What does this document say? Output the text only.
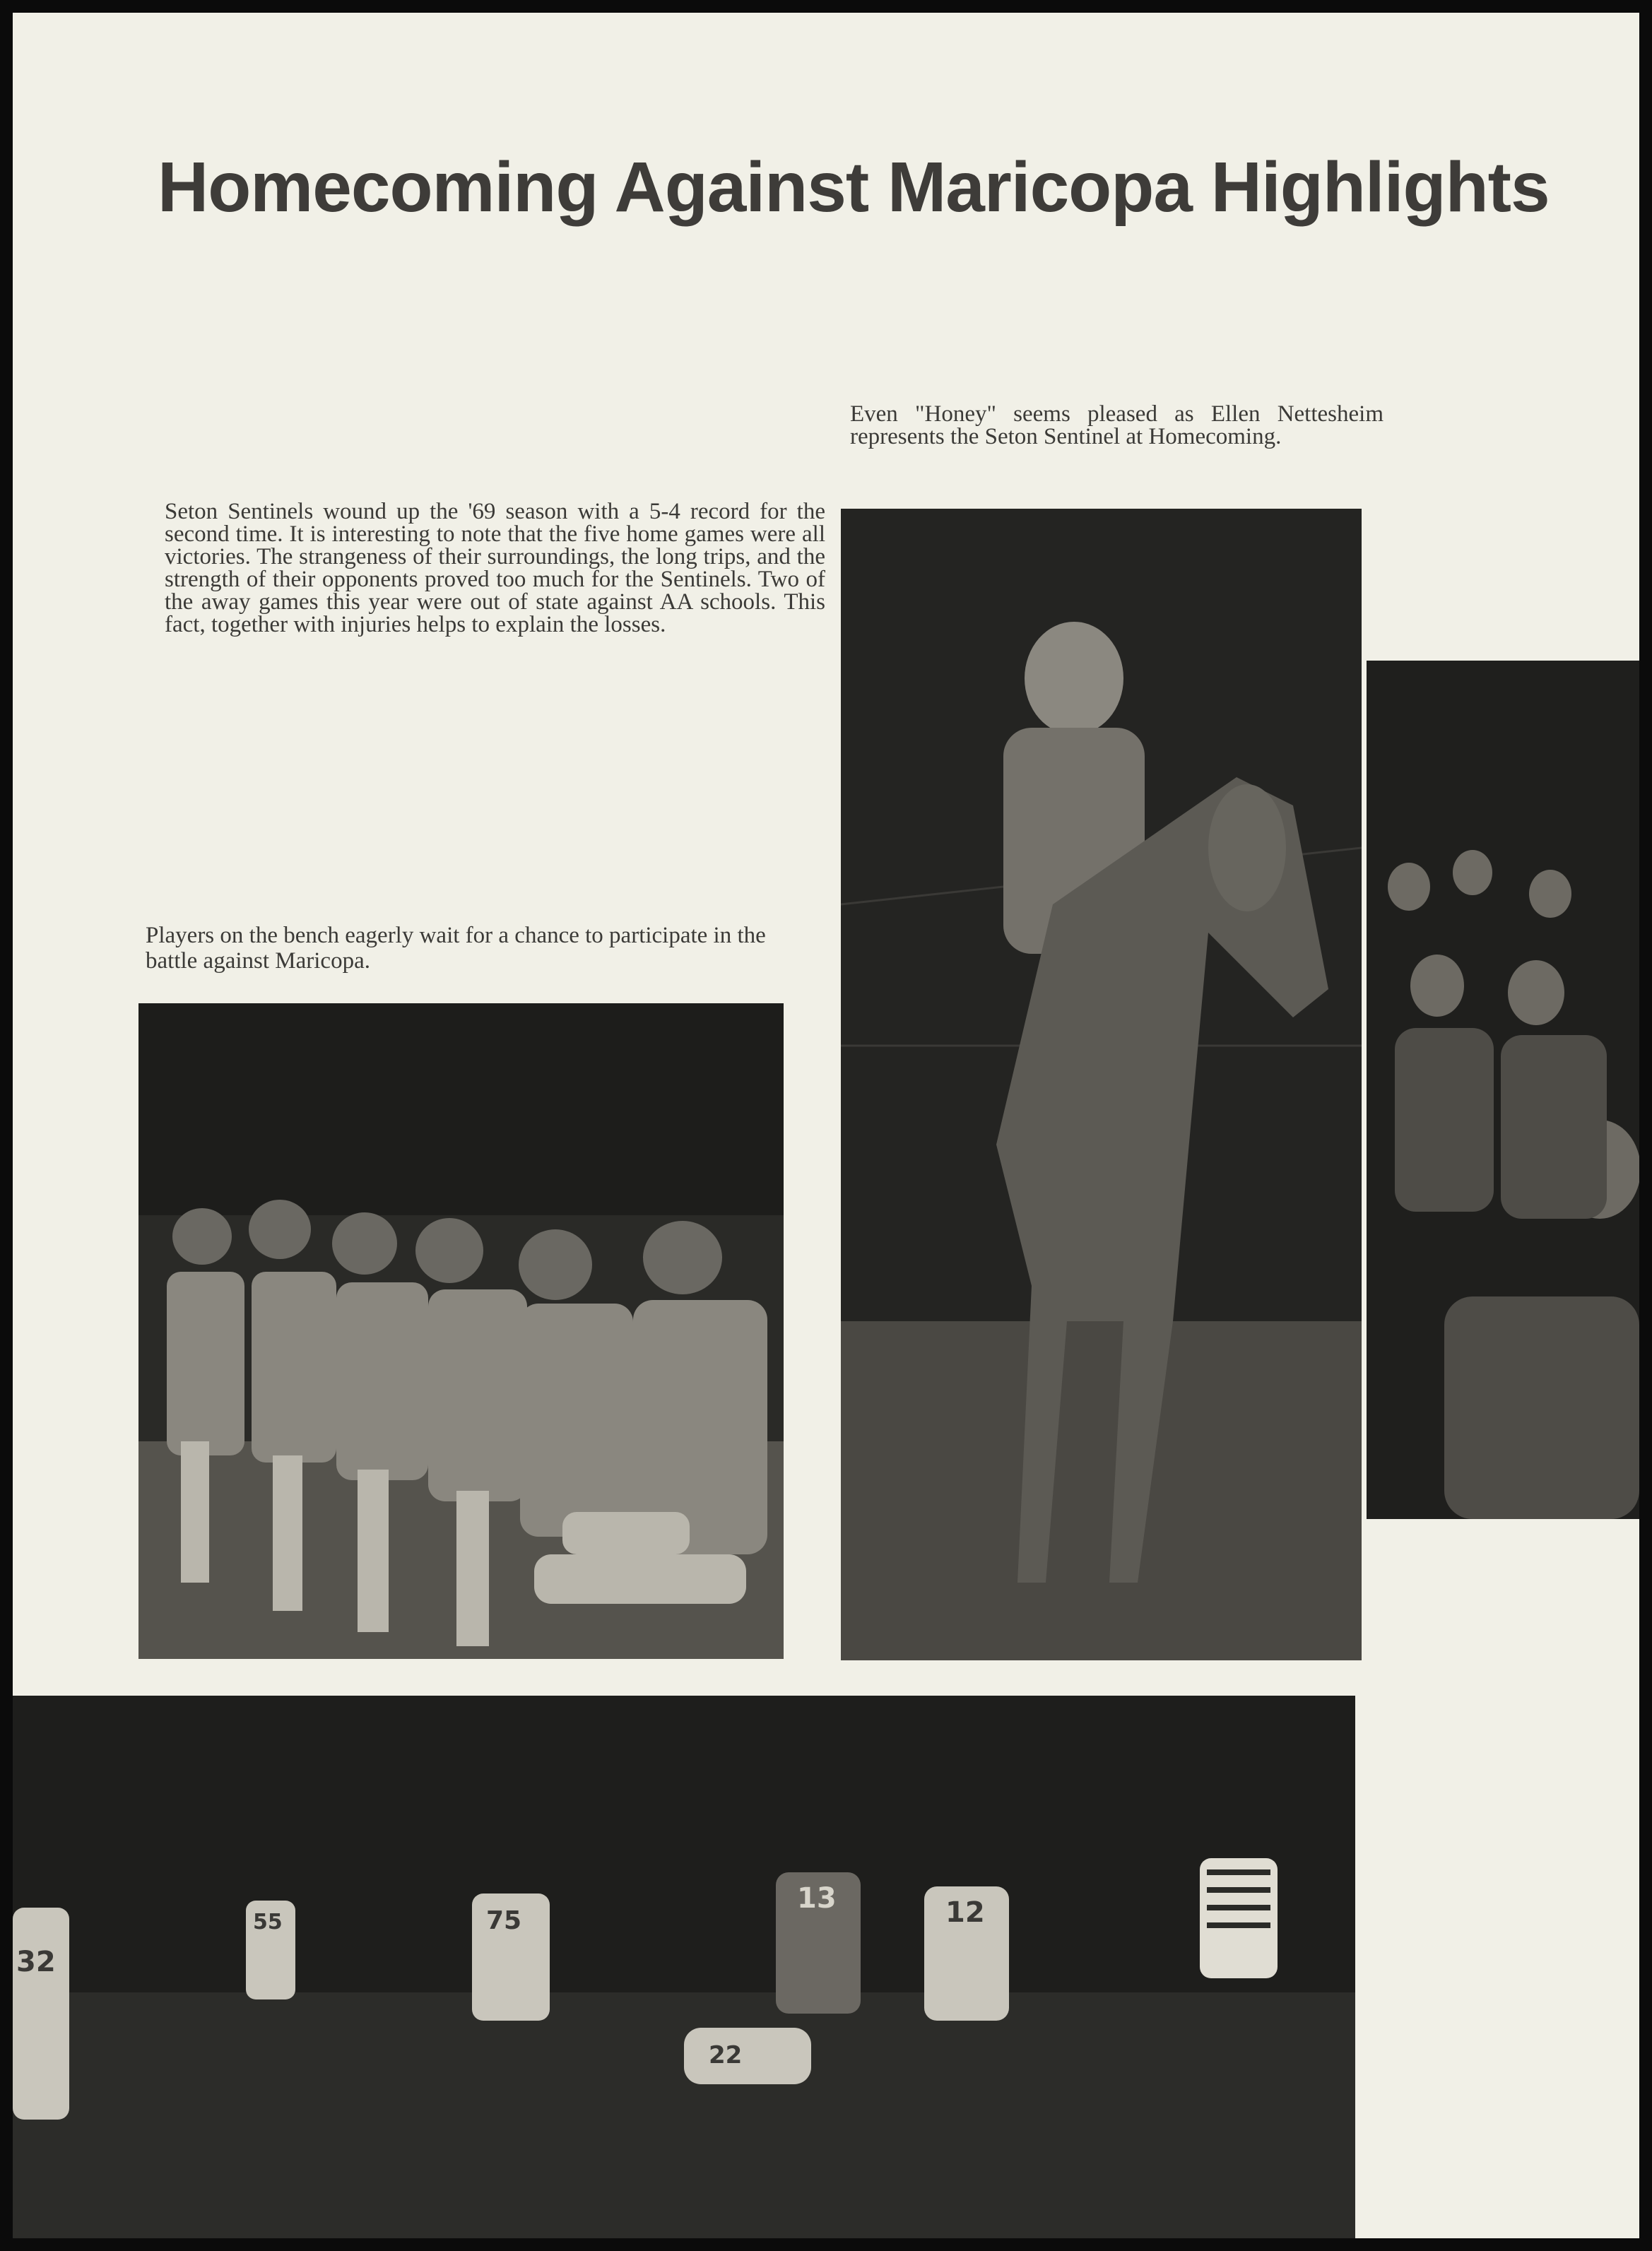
Homecoming Against Maricopa Highlights

Even "Honey" seems pleased as Ellen Nettesheim represents the Seton Sentinel at Homecoming.

Seton Sentinels wound up the '69 season with a 5-4 record for the second time. It is interesting to note that the five home games were all victories. The strangeness of their surroundings, the long trips, and the strength of their opponents proved too much for the Sentinels. Two of the away games this year were out of state against AA schools. This fact, together with injuries helps to explain the losses.

Players on the bench eagerly wait for a chance to participate in the battle against Maricopa.

32
55	75
13	12
22
